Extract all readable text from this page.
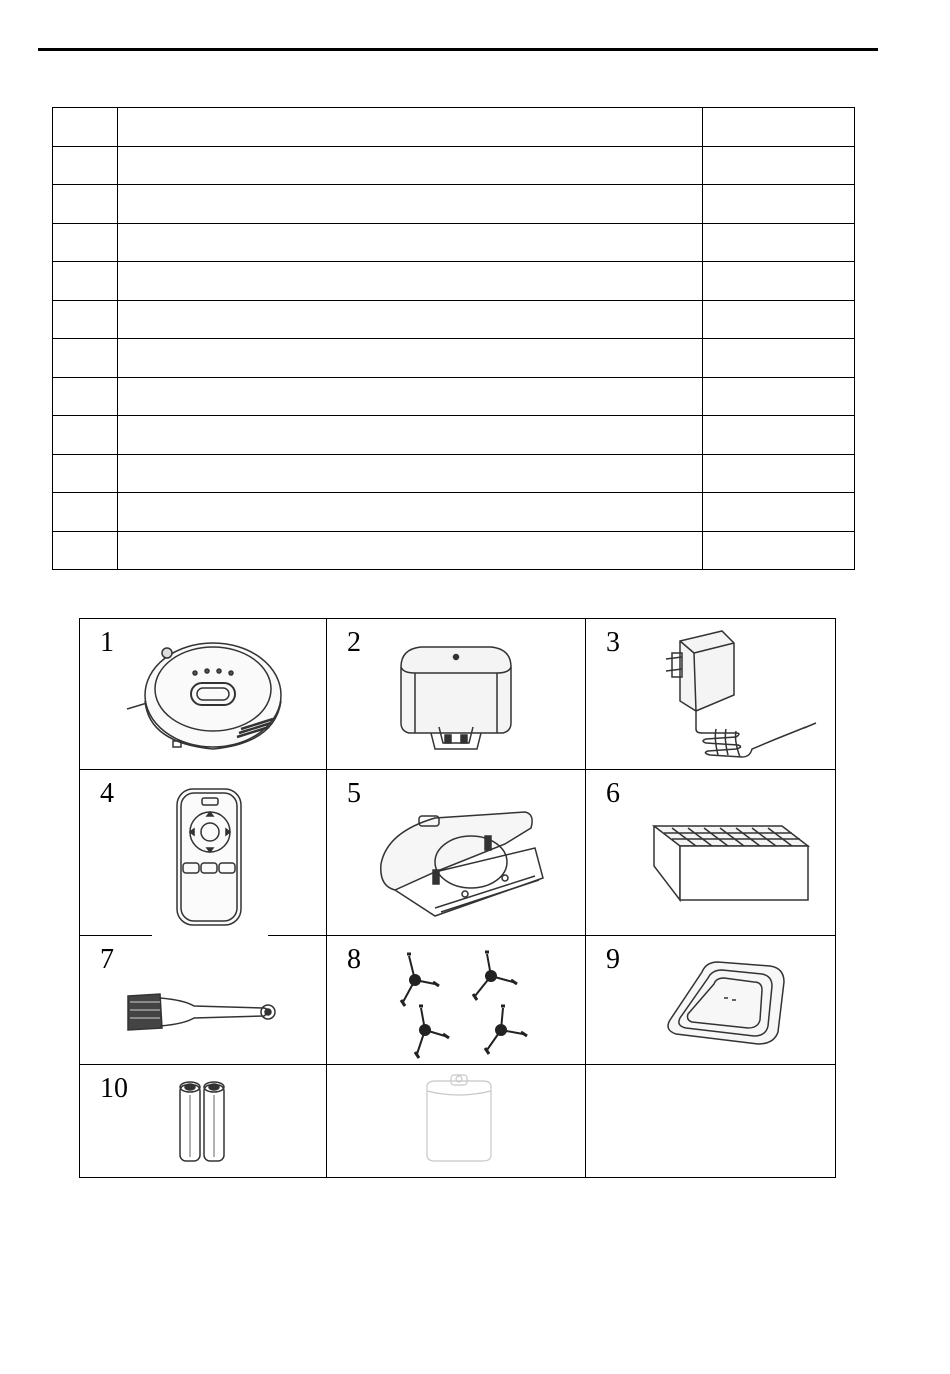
1	2	3

4	5	6

7	8	9

10
